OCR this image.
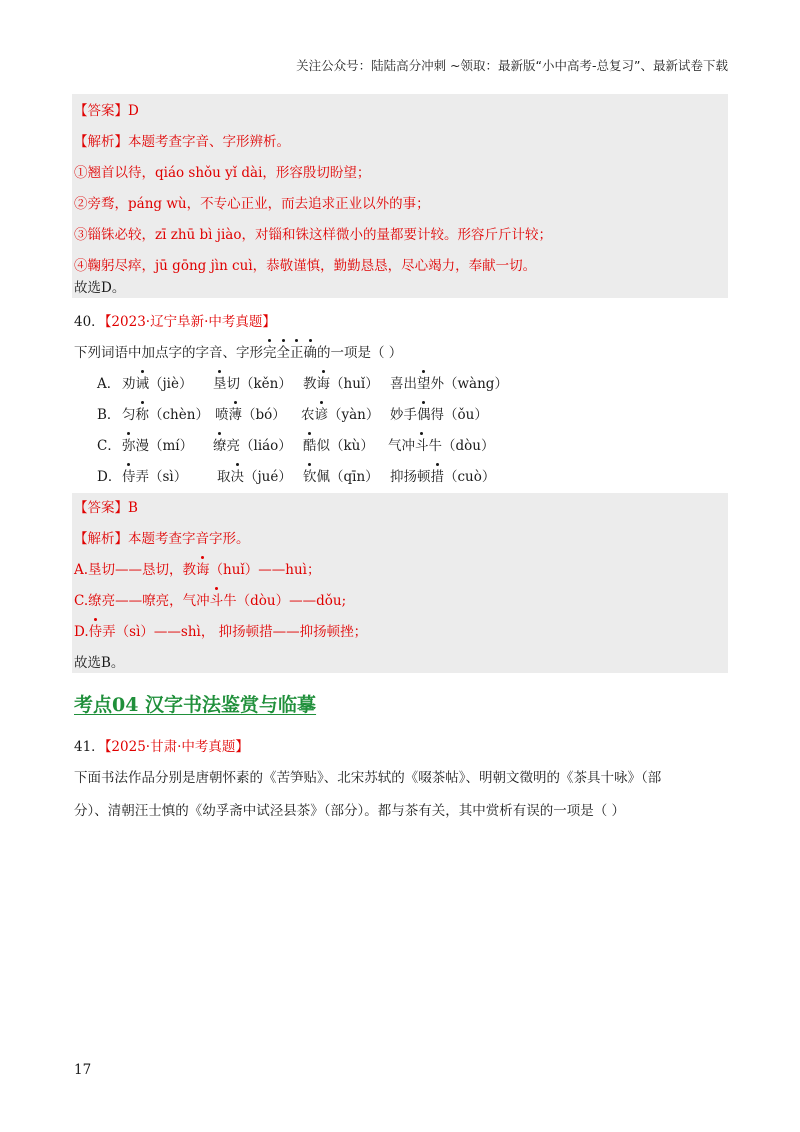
关注公众号：陆陆高分冲刺 ~领取：最新版“小中高考-总复习”、最新试卷下载
【答案】D
【解析】本题考查字音、字形辨析。
①翘首以待，qiáo shǒu yǐ dài，形容殷切盼望；
②旁骛，páng wù，不专心正业，而去追求正业以外的事；
③锱铢必较，zī zhū bì jiào，对锱和铢这样微小的量都要计较。形容斤斤计较；
④鞠躬尽瘁，jū gōng jìn cuì，恭敬谨慎，勤勤恳恳，尽心竭力，奉献一切。
故选D。
40．【2023·辽宁阜新·中考真题】
下列词语中加点字的字音、字形完全正确的一项是（ ）
A． 劝诫（jiè） 垦切（kěn） 教诲（huǐ） 喜出望外（wàng）
B． 匀称（chèn） 喷薄（bó） 农谚（yàn） 妙手偶得（ǒu）
C． 弥漫（mí） 缭亮（liáo） 酷似（kù） 气冲斗牛（dòu）
D． 侍弄（sì） 取决（jué） 钦佩（qīn） 抑扬顿措（cuò）
【答案】B
【解析】本题考查字音字形。
A.垦切——恳切，教诲（huǐ）——huì；
C.缭亮——嘹亮，气冲斗牛（dòu）——dǒu;
D.侍弄（sì）——shì， 抑扬顿措——抑扬顿挫；
故选B。
考点04 汉字书法鉴赏与临摹
41．【2025·甘肃·中考真题】
下面书法作品分别是唐朝怀素的《苦笋贴》、北宋苏轼的《啜茶帖》、明朝文徵明的《茶具十咏》（部
分）、清朝汪士慎的《幼孚斋中试泾县茶》（部分）。都与茶有关，其中赏析有误的一项是（ ）
17
